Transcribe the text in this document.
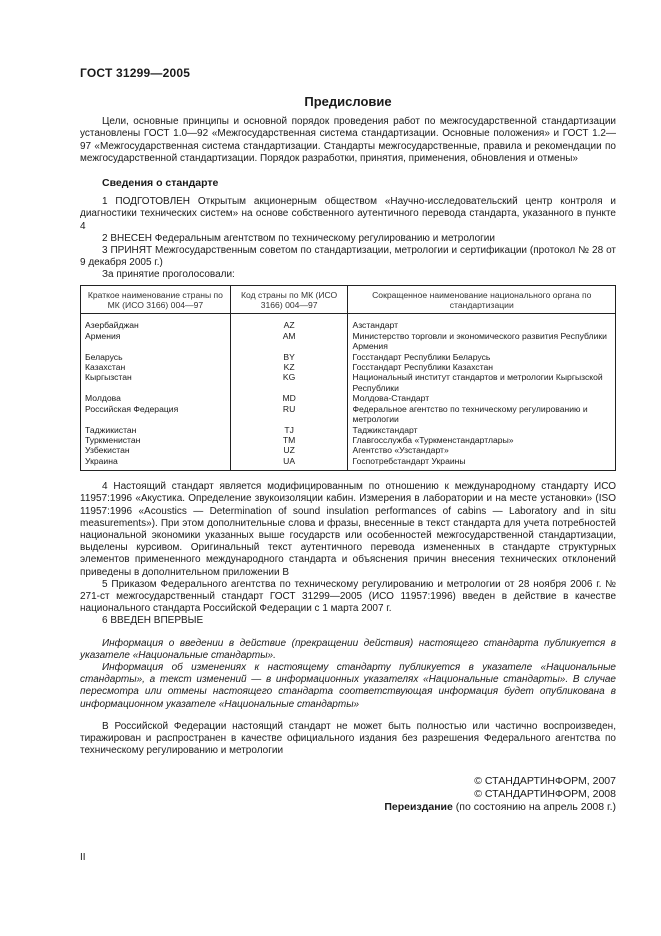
ГОСТ 31299—2005
Предисловие

Цели, основные принципы и основной порядок проведения работ по межгосударственной стандартизации установлены ГОСТ 1.0—92 «Межгосударственная система стандартизации. Основные положения» и ГОСТ 1.2—97 «Межгосударственная система стандартизации. Стандарты межгосударственные, правила и рекомендации по межгосударственной стандартизации. Порядок разработки, принятия, применения, обновления и отмены»

Сведения о стандарте

1 ПОДГОТОВЛЕН Открытым акционерным обществом «Научно-исследовательский центр контроля и диагностики технических систем» на основе собственного аутентичного перевода стандарта, указанного в пункте 4

2 ВНЕСЕН Федеральным агентством по техническому регулированию и метрологии

3 ПРИНЯТ Межгосударственным советом по стандартизации, метрологии и сертификации (протокол № 28 от 9 декабря 2005 г.)

За принятие проголосовали:

Краткое наименование страны по МК (ИСО 3166) 004—97	Код страны по МК (ИСО 3166) 004—97	Сокращенное наименование национального органа по стандартизации
Азербайджан	AZ	Азстандарт
Армения	AM	Министерство торговли и экономического развития Республики Армения
Беларусь	BY	Госстандарт Республики Беларусь
Казахстан	KZ	Госстандарт Республики Казахстан
Кыргызстан	KG	Национальный институт стандартов и метрологии Кыргызской Республики
Молдова	MD	Молдова-Стандарт
Российская Федерация	RU	Федеральное агентство по техническому регулированию и метрологии
Таджикистан	TJ	Таджикстандарт
Туркменистан	TM	Главгосслужба «Туркменстандартлары»
Узбекистан	UZ	Агентство «Узстандарт»
Украина	UA	Госпотребстандарт Украины

4 Настоящий стандарт является модифицированным по отношению к международному стандарту ИСО 11957:1996 «Акустика. Определение звукоизоляции кабин. Измерения в лаборатории и на месте установки» (ISO 11957:1996 «Acoustics — Determination of sound insulation performances of cabins — Laboratory and in situ measurements»). При этом дополнительные слова и фразы, внесенные в текст стандарта для учета потребностей национальной экономики указанных выше государств или особенностей межгосударственной стандартизации, выделены курсивом. Оригинальный текст аутентичного перевода измененных в стандарте структурных элементов примененного международного стандарта и объяснения причин внесения технических отклонений приведены в дополнительном приложении В

5 Приказом Федерального агентства по техническому регулированию и метрологии от 28 ноября 2006 г. № 271-ст межгосударственный стандарт ГОСТ 31299—2005 (ИСО 11957:1996) введен в действие в качестве национального стандарта Российской Федерации с 1 марта 2007 г.

6 ВВЕДЕН ВПЕРВЫЕ

Информация о введении в действие (прекращении действия) настоящего стандарта публикуется в указателе «Национальные стандарты».

Информация об изменениях к настоящему стандарту публикуется в указателе «Национальные стандарты», а текст изменений — в информационных указателях «Национальные стандарты». В случае пересмотра или отмены настоящего стандарта соответствующая информация будет опубликована в информационном указателе «Национальные стандарты»

В Российской Федерации настоящий стандарт не может быть полностью или частично воспроизведен, тиражирован и распространен в качестве официального издания без разрешения Федерального агентства по техническому регулированию и метрологии

© СТАНДАРТИНФОРМ, 2007
© СТАНДАРТИНФОРМ, 2008
Переиздание (по состоянию на апрель 2008 г.)
II
